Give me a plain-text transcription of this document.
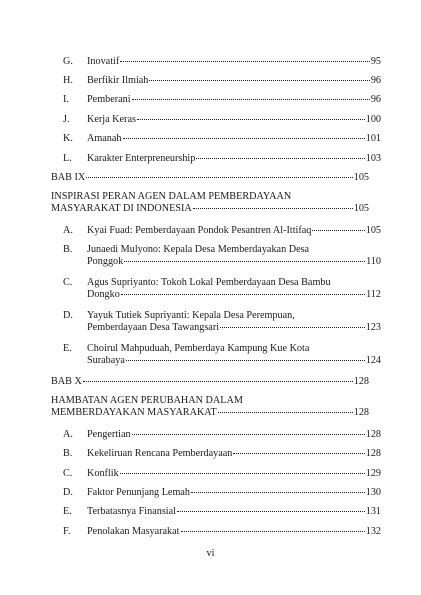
G.	Inovatif	95
H.	Berfikir Ilmiah	96
I.	Pemberani	96
J.	Kerja Keras	100
K.	Amanah	101
L.	Karakter Enterpreneurship	103
BAB IX	105
INSPIRASI PERAN AGEN DALAM PEMBERDAYAAN
MASYARAKAT DI INDONESIA	105
A.	Kyai Fuad: Pemberdayaan Pondok Pesantren Al-Ittifaq	105
B.	Junaedi Mulyono: Kepala Desa Memberdayakan Desa
Ponggok	110
C.	Agus Supriyanto: Tokoh Lokal Pemberdayaan Desa Bambu
Dongko	112
D.	Yayuk Tutiek Supriyanti: Kepala Desa Perempuan,
Pemberdayaan Desa Tawangsari	123
E.	Choirul Mahpuduah, Pemberdaya Kampung Kue Kota
Surabaya	124
BAB X	128
HAMBATAN AGEN PERUBAHAN DALAM
MEMBERDAYAKAN MASYARAKAT	128
A.	Pengertian	128
B.	Kekeliruan Rencana Pemberdayaan	128
C.	Konflik	129
D.	Faktor Penunjang Lemah	130
E.	Terbatasnya Finansial	131
F.	Penolakan Masyarakat	132
vi
